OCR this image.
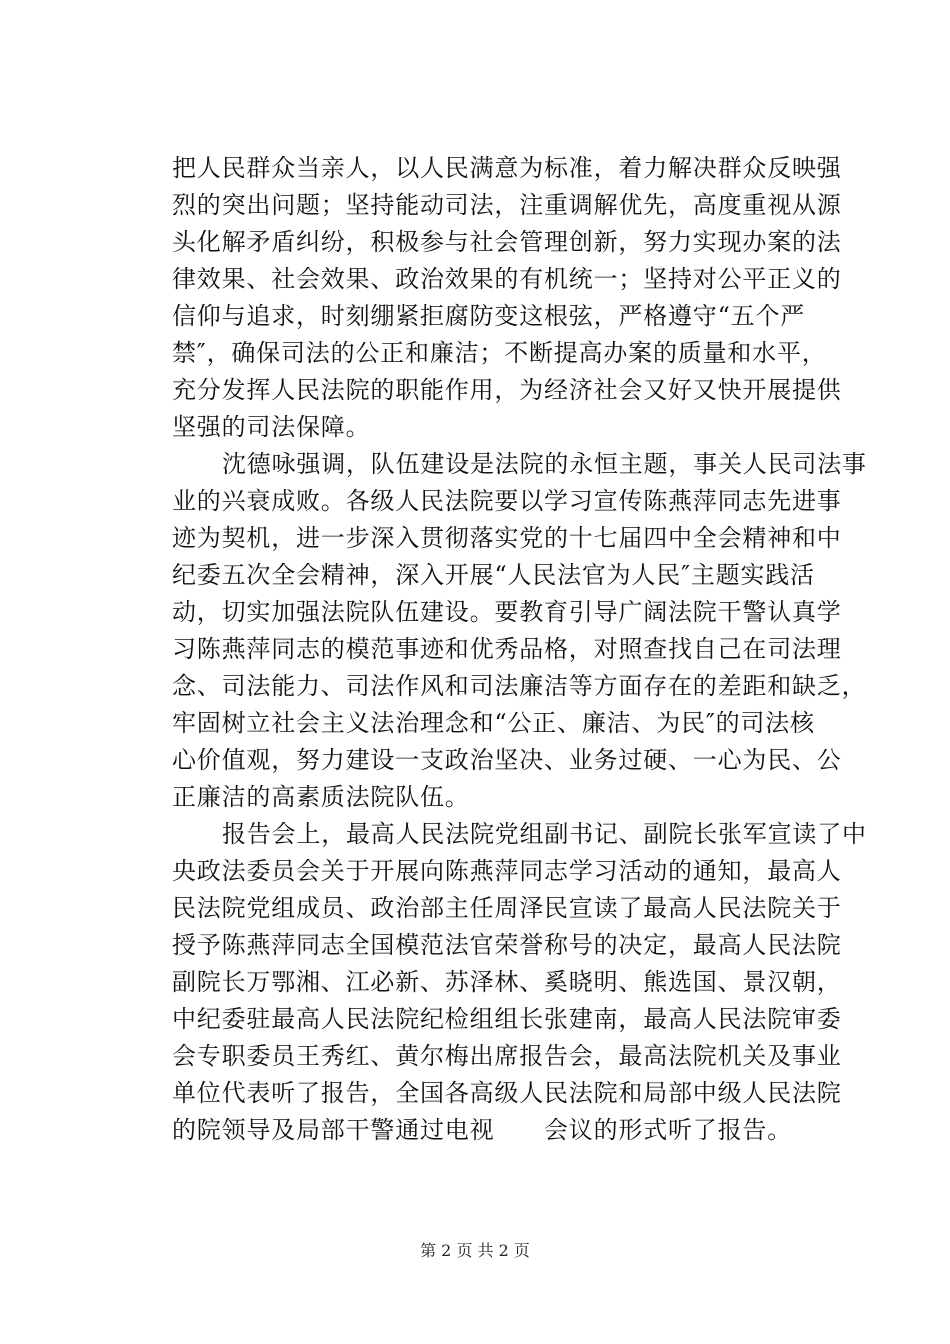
把人民群众当亲人，以人民满意为标准，着力解决群众反映强
烈的突出问题；坚持能动司法，注重调解优先，高度重视从源
头化解矛盾纠纷，积极参与社会管理创新，努力实现办案的法
律效果、社会效果、政治效果的有机统一；坚持对公平正义的
信仰与追求，时刻绷紧拒腐防变这根弦，严格遵守“五个严
禁″，确保司法的公正和廉洁；不断提高办案的质量和水平，
充分发挥人民法院的职能作用，为经济社会又好又快开展提供
坚强的司法保障。
沈德咏强调，队伍建设是法院的永恒主题，事关人民司法事
业的兴衰成败。各级人民法院要以学习宣传陈燕萍同志先进事
迹为契机，进一步深入贯彻落实党的十七届四中全会精神和中
纪委五次全会精神，深入开展“人民法官为人民″主题实践活
动，切实加强法院队伍建设。要教育引导广阔法院干警认真学
习陈燕萍同志的模范事迹和优秀品格，对照查找自己在司法理
念、司法能力、司法作风和司法廉洁等方面存在的差距和缺乏，
牢固树立社会主义法治理念和“公正、廉洁、为民″的司法核
心价值观，努力建设一支政治坚决、业务过硬、一心为民、公
正廉洁的高素质法院队伍。
报告会上，最高人民法院党组副书记、副院长张军宣读了中
央政法委员会关于开展向陈燕萍同志学习活动的通知，最高人
民法院党组成员、政治部主任周泽民宣读了最高人民法院关于
授予陈燕萍同志全国模范法官荣誉称号的决定，最高人民法院
副院长万鄂湘、江必新、苏泽林、奚晓明、熊选国、景汉朝，
中纪委驻最高人民法院纪检组组长张建南，最高人民法院审委
会专职委员王秀红、黄尔梅出席报告会，最高法院机关及事业
单位代表听了报告，全国各高级人民法院和局部中级人民法院
的院领导及局部干警通过电视　　会议的形式听了报告。
第 2 页 共 2 页
